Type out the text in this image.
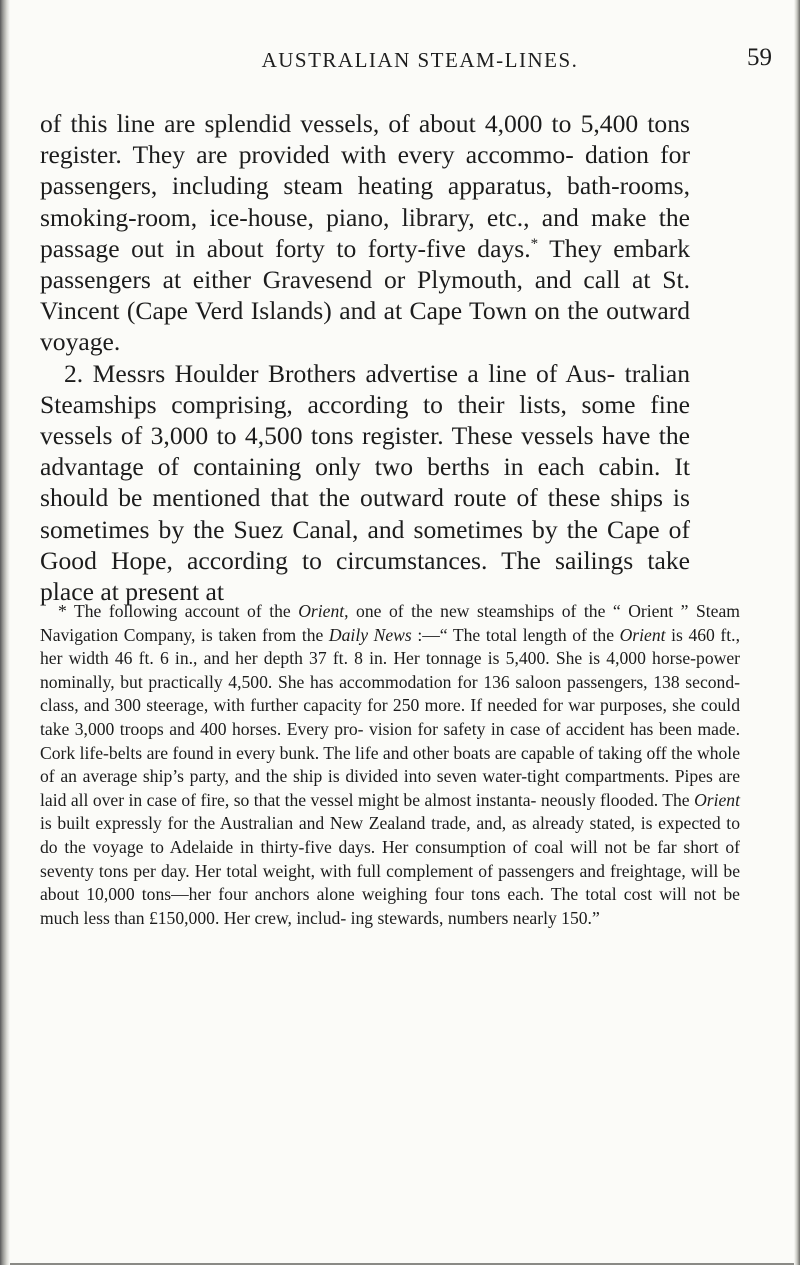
AUSTRALIAN STEAM-LINES.	59

of this line are splendid vessels, of about 4,000 to 5,400 tons register. They are provided with every accommo- dation for passengers, including steam heating apparatus, bath-rooms, smoking-room, ice-house, piano, library, etc., and make the passage out in about forty to forty-five days.* They embark passengers at either Gravesend or Plymouth, and call at St. Vincent (Cape Verd Islands) and at Cape Town on the outward voyage.

2. Messrs Houlder Brothers advertise a line of Aus- tralian Steamships comprising, according to their lists, some fine vessels of 3,000 to 4,500 tons register. These vessels have the advantage of containing only two berths in each cabin. It should be mentioned that the outward route of these ships is sometimes by the Suez Canal, and sometimes by the Cape of Good Hope, according to circumstances. The sailings take place at present at

* The following account of the Orient, one of the new steamships of the “ Orient ” Steam Navigation Company, is taken from the Daily News :—“ The total length of the Orient is 460 ft., her width 46 ft. 6 in., and her depth 37 ft. 8 in. Her tonnage is 5,400. She is 4,000 horse-power nominally, but practically 4,500. She has accommodation for 136 saloon passengers, 138 second-class, and 300 steerage, with further capacity for 250 more. If needed for war purposes, she could take 3,000 troops and 400 horses. Every pro- vision for safety in case of accident has been made. Cork life-belts are found in every bunk. The life and other boats are capable of taking off the whole of an average ship’s party, and the ship is divided into seven water-tight compartments. Pipes are laid all over in case of fire, so that the vessel might be almost instanta- neously flooded. The Orient is built expressly for the Australian and New Zealand trade, and, as already stated, is expected to do the voyage to Adelaide in thirty-five days. Her consumption of coal will not be far short of seventy tons per day. Her total weight, with full complement of passengers and freightage, will be about 10,000 tons—her four anchors alone weighing four tons each. The total cost will not be much less than £150,000. Her crew, includ- ing stewards, numbers nearly 150.”
